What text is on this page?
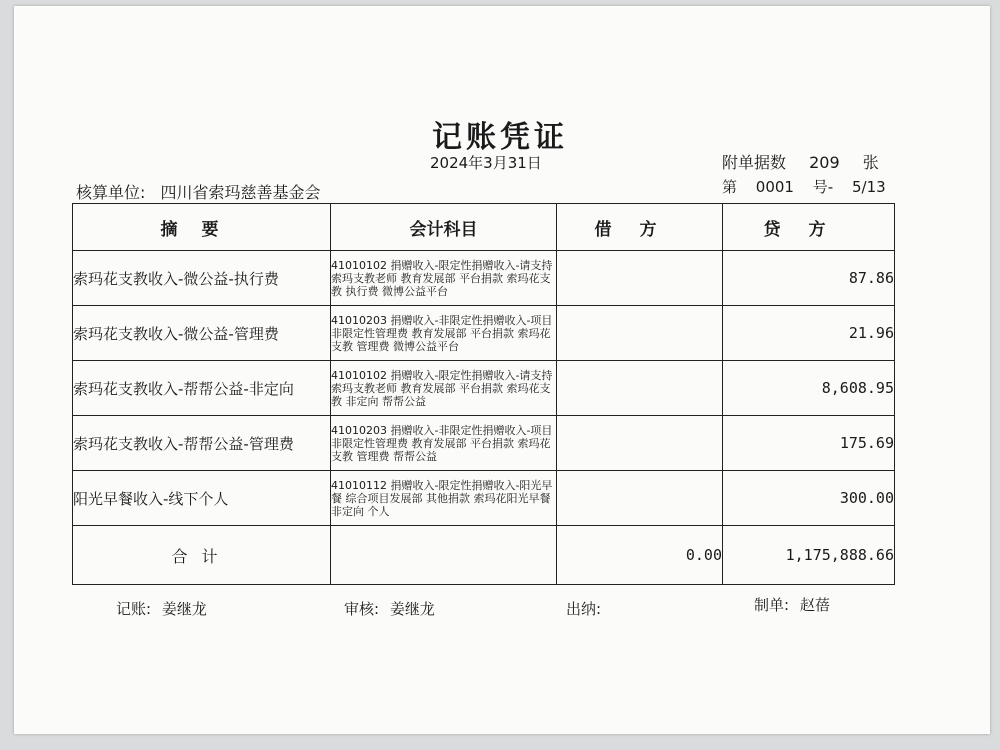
记账凭证
2024年3月31日	附单据数 209 张
核算单位: 四川省索玛慈善基金会	第 0001 号- 5/13
摘要	会计科目	借方	贷方
索玛花支教收入-微公益-执行费	41010102 捐赠收入-限定性捐赠收入-请支持索玛支教老师 教育发展部 平台捐款 索玛花支教 执行费 微博公益平台		87.86
索玛花支教收入-微公益-管理费	41010203 捐赠收入-非限定性捐赠收入-项目非限定性管理费 教育发展部 平台捐款 索玛花支教 管理费 微博公益平台		21.96
索玛花支教收入-帮帮公益-非定向	41010102 捐赠收入-限定性捐赠收入-请支持索玛支教老师 教育发展部 平台捐款 索玛花支教 非定向 帮帮公益		8,608.95
索玛花支教收入-帮帮公益-管理费	41010203 捐赠收入-非限定性捐赠收入-项目非限定性管理费 教育发展部 平台捐款 索玛花支教 管理费 帮帮公益		175.69
阳光早餐收入-线下个人	41010112 捐赠收入-限定性捐赠收入-阳光早餐 综合项目发展部 其他捐款 索玛花阳光早餐 非定向 个人		300.00
合计		0.00	1,175,888.66
记账: 姜继龙	审核: 姜继龙	出纳:	制单: 赵蓓
